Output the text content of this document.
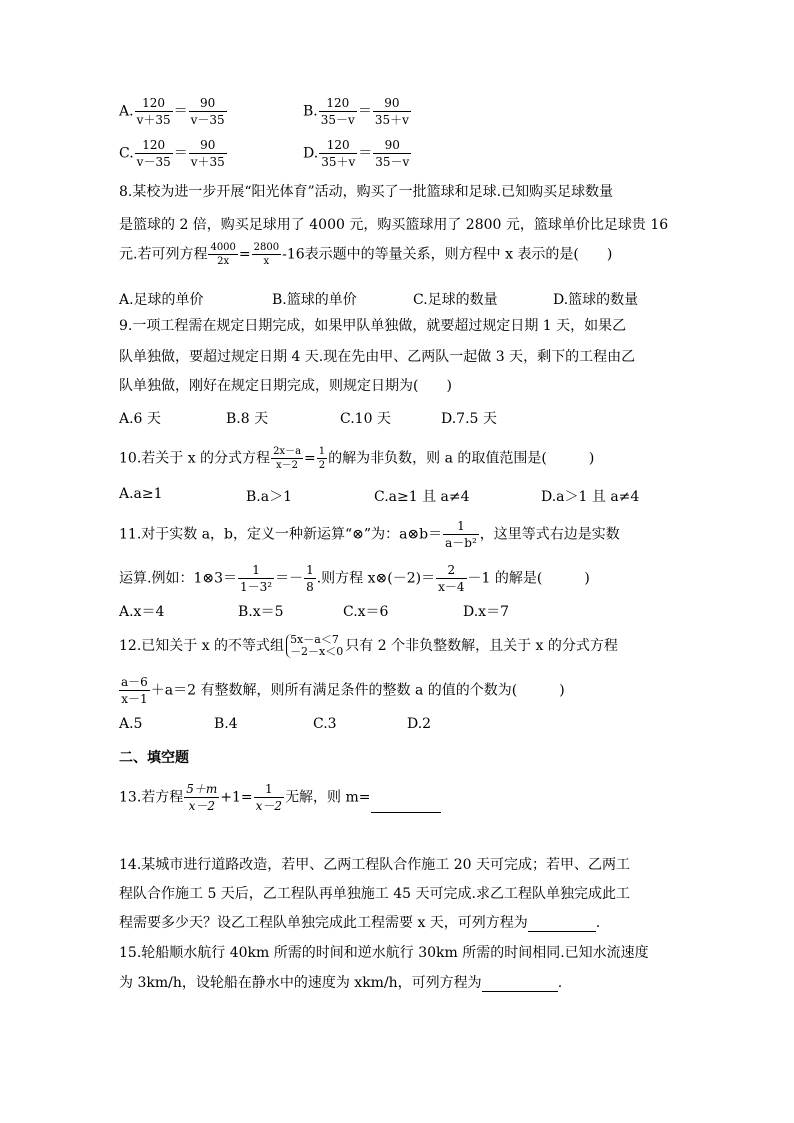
A. $\frac{120}{v+35} = \frac{90}{v-35}$	B. $\frac{120}{35-v} = \frac{90}{35+v}$
C. $\frac{120}{v-35} = \frac{90}{v+35}$	D. $\frac{120}{35+v} = \frac{90}{35-v}$
8.某校为进一步开展“阳光体育”活动，购买了一批篮球和足球.已知购买足球数量
是篮球的 2 倍，购买足球用了 4000 元，购买篮球用了 2800 元，篮球单价比足球贵 16
元.若可列方程 $\frac{4000}{2x} = \frac{2800}{x} -16$表示题中的等量关系，则方程中 x 表示的是(　　)
A.足球的单价	B.篮球的单价	C.足球的数量	D.篮球的数量
9.一项工程需在规定日期完成，如果甲队单独做，就要超过规定日期 1 天，如果乙
队单独做，要超过规定日期 4 天.现在先由甲、乙两队一起做 3 天，剩下的工程由乙
队单独做，刚好在规定日期完成，则规定日期为(　　)
A.6 天	B.8 天	C.10 天	D.7.5 天
10.若关于 x 的分式方程 $\frac{2x-a}{x-2} = \frac{1}{2}$ 的解为非负数，则 a 的取值范围是(　　　)
A.a≥1	B.a＞1	C.a≥1 且 a≠4	D.a＞1 且 a≠4
11.对于实数 a，b，定义一种新运算“⊗”为：a⊗b＝ $\frac{1}{\text{a－b²}}$ ，这里等式右边是实数
运算.例如：1⊗3＝ $\frac{1}{\text{1－3²}} =- \frac{1}{8}$ .则方程 x⊗(－2)＝ $\frac{2}{x-4} -1$ 的解是(　　　)
A.x＝4	B.x＝5	C.x＝6	D.x＝7
12.已知关于 x 的不等式组 5x－a＜7
－2－x＜0 只有 2 个非负整数解，且关于 x 的分式方程
$\frac{a-6}{x-1} +a=2$ 有整数解，则所有满足条件的整数 a 的值的个数为(　　　)
A.5	B.4	C.3	D.2
二、填空题
13.若方程 $\frac{5+m}{x-2} +1= \frac{1}{x-2}$ 无解，则 m=
14.某城市进行道路改造，若甲、乙两工程队合作施工 20 天可完成；若甲、乙两工
程队合作施工 5 天后，乙工程队再单独施工 45 天可完成.求乙工程队单独完成此工
程需要多少天？设乙工程队单独完成此工程需要 x 天，可列方程为	.
15.轮船顺水航行 40km 所需的时间和逆水航行 30km 所需的时间相同.已知水流速度
为 3km/h，设轮船在静水中的速度为 xkm/h，可列方程为	.
